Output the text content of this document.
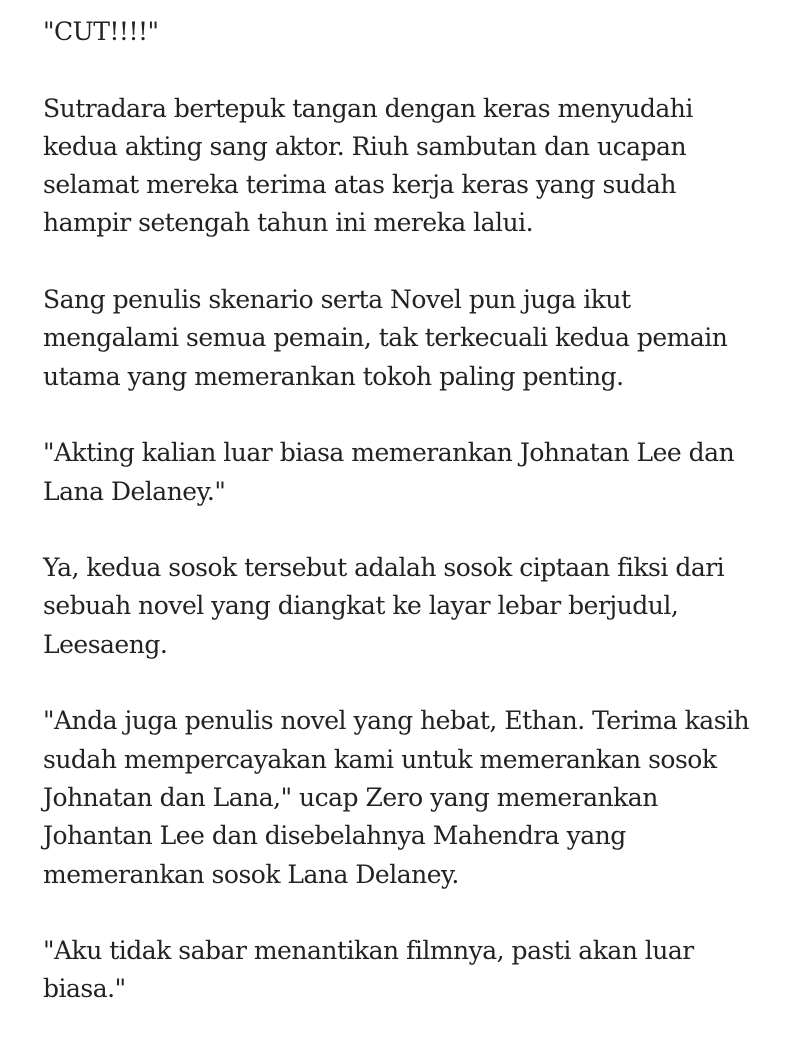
"CUT!!!!"

Sutradara bertepuk tangan dengan keras menyudahi kedua akting sang aktor. Riuh sambutan dan ucapan selamat mereka terima atas kerja keras yang sudah hampir setengah tahun ini mereka lalui.

Sang penulis skenario serta Novel pun juga ikut mengalami semua pemain, tak terkecuali kedua pemain utama yang memerankan tokoh paling penting.

"Akting kalian luar biasa memerankan Johnatan Lee dan Lana Delaney."

Ya, kedua sosok tersebut adalah sosok ciptaan fiksi dari sebuah novel yang diangkat ke layar lebar berjudul, Leesaeng.

"Anda juga penulis novel yang hebat, Ethan. Terima kasih sudah mempercayakan kami untuk memerankan sosok Johnatan dan Lana," ucap Zero yang memerankan Johantan Lee dan disebelahnya Mahendra yang memerankan sosok Lana Delaney.

"Aku tidak sabar menantikan filmnya, pasti akan luar biasa."
